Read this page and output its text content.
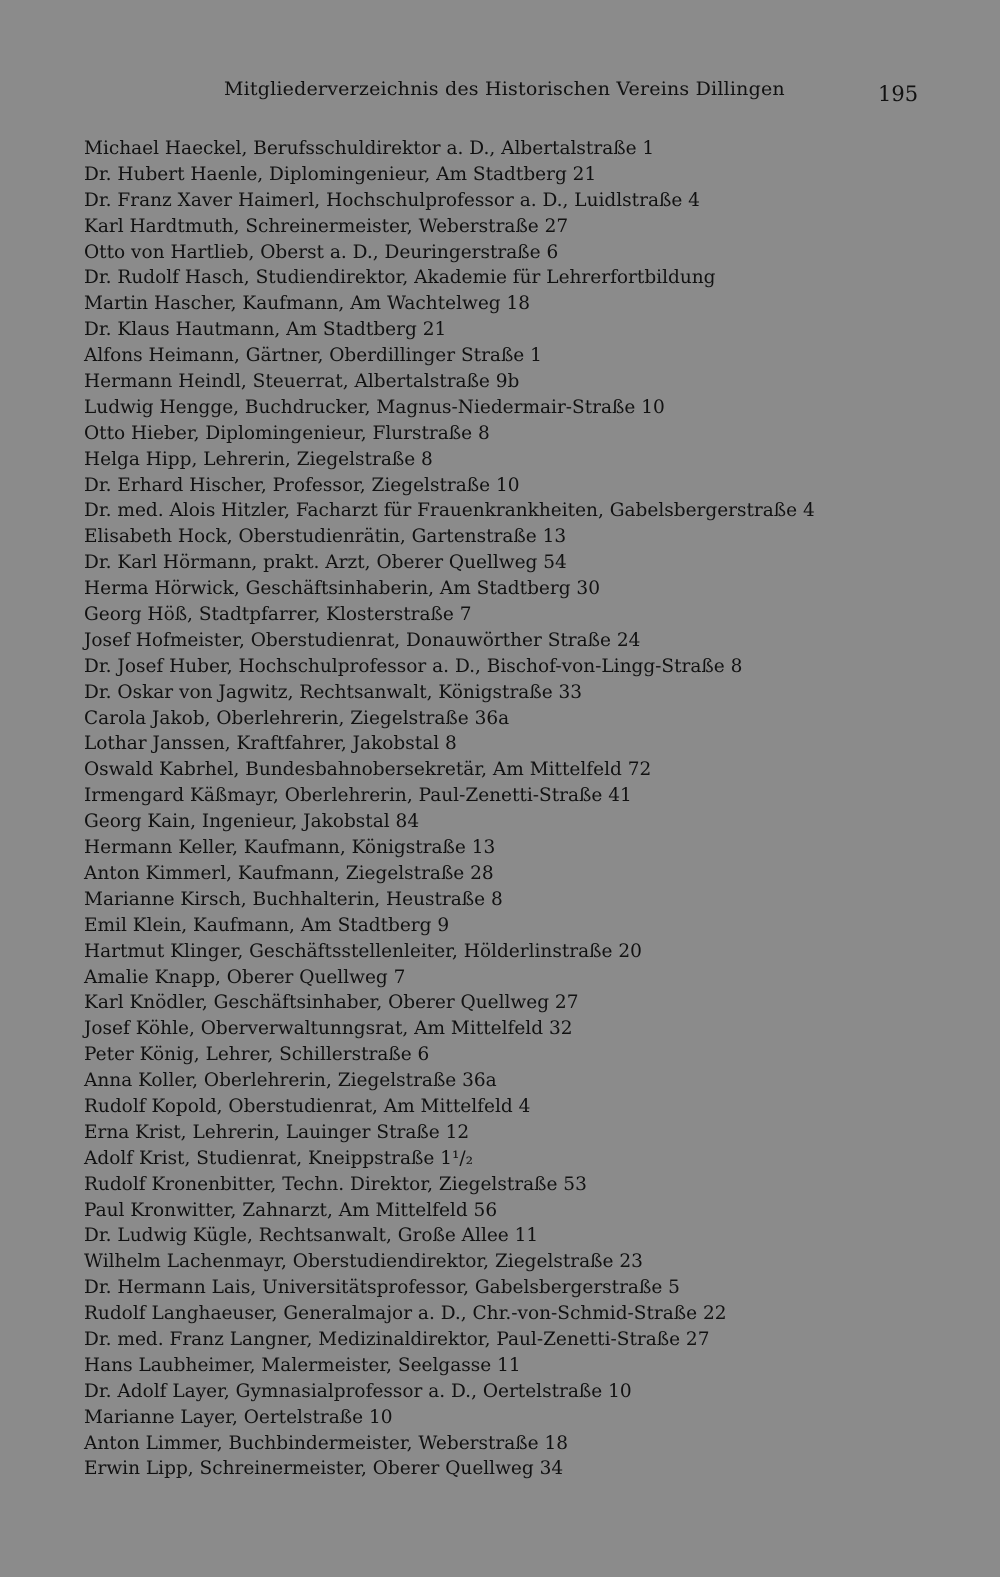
Mitgliederverzeichnis des Historischen Vereins Dillingen	195
Michael Haeckel, Berufsschuldirektor a. D., Albertalstraße 1
Dr. Hubert Haenle, Diplomingenieur, Am Stadtberg 21
Dr. Franz Xaver Haimerl, Hochschulprofessor a. D., Luidlstraße 4
Karl Hardtmuth, Schreinermeister, Weberstraße 27
Otto von Hartlieb, Oberst a. D., Deuringerstraße 6
Dr. Rudolf Hasch, Studiendirektor, Akademie für Lehrerfortbildung
Martin Hascher, Kaufmann, Am Wachtelweg 18
Dr. Klaus Hautmann, Am Stadtberg 21
Alfons Heimann, Gärtner, Oberdillinger Straße 1
Hermann Heindl, Steuerrat, Albertalstraße 9b
Ludwig Hengge, Buchdrucker, Magnus-Niedermair-Straße 10
Otto Hieber, Diplomingenieur, Flurstraße 8
Helga Hipp, Lehrerin, Ziegelstraße 8
Dr. Erhard Hischer, Professor, Ziegelstraße 10
Dr. med. Alois Hitzler, Facharzt für Frauenkrankheiten, Gabelsbergerstraße 4
Elisabeth Hock, Oberstudienrätin, Gartenstraße 13
Dr. Karl Hörmann, prakt. Arzt, Oberer Quellweg 54
Herma Hörwick, Geschäftsinhaberin, Am Stadtberg 30
Georg Höß, Stadtpfarrer, Klosterstraße 7
Josef Hofmeister, Oberstudienrat, Donauwörther Straße 24
Dr. Josef Huber, Hochschulprofessor a. D., Bischof-von-Lingg-Straße 8
Dr. Oskar von Jagwitz, Rechtsanwalt, Königstraße 33
Carola Jakob, Oberlehrerin, Ziegelstraße 36a
Lothar Janssen, Kraftfahrer, Jakobstal 8
Oswald Kabrhel, Bundesbahnobersekretär, Am Mittelfeld 72
Irmengard Käßmayr, Oberlehrerin, Paul-Zenetti-Straße 41
Georg Kain, Ingenieur, Jakobstal 84
Hermann Keller, Kaufmann, Königstraße 13
Anton Kimmerl, Kaufmann, Ziegelstraße 28
Marianne Kirsch, Buchhalterin, Heustraße 8
Emil Klein, Kaufmann, Am Stadtberg 9
Hartmut Klinger, Geschäftsstellenleiter, Hölderlinstraße 20
Amalie Knapp, Oberer Quellweg 7
Karl Knödler, Geschäftsinhaber, Oberer Quellweg 27
Josef Köhle, Oberverwaltunngsrat, Am Mittelfeld 32
Peter König, Lehrer, Schillerstraße 6
Anna Koller, Oberlehrerin, Ziegelstraße 36a
Rudolf Kopold, Oberstudienrat, Am Mittelfeld 4
Erna Krist, Lehrerin, Lauinger Straße 12
Adolf Krist, Studienrat, Kneippstraße 1¹/₂
Rudolf Kronenbitter, Techn. Direktor, Ziegelstraße 53
Paul Kronwitter, Zahnarzt, Am Mittelfeld 56
Dr. Ludwig Kügle, Rechtsanwalt, Große Allee 11
Wilhelm Lachenmayr, Oberstudiendirektor, Ziegelstraße 23
Dr. Hermann Lais, Universitätsprofessor, Gabelsbergerstraße 5
Rudolf Langhaeuser, Generalmajor a. D., Chr.-von-Schmid-Straße 22
Dr. med. Franz Langner, Medizinaldirektor, Paul-Zenetti-Straße 27
Hans Laubheimer, Malermeister, Seelgasse 11
Dr. Adolf Layer, Gymnasialprofessor a. D., Oertelstraße 10
Marianne Layer, Oertelstraße 10
Anton Limmer, Buchbindermeister, Weberstraße 18
Erwin Lipp, Schreinermeister, Oberer Quellweg 34
